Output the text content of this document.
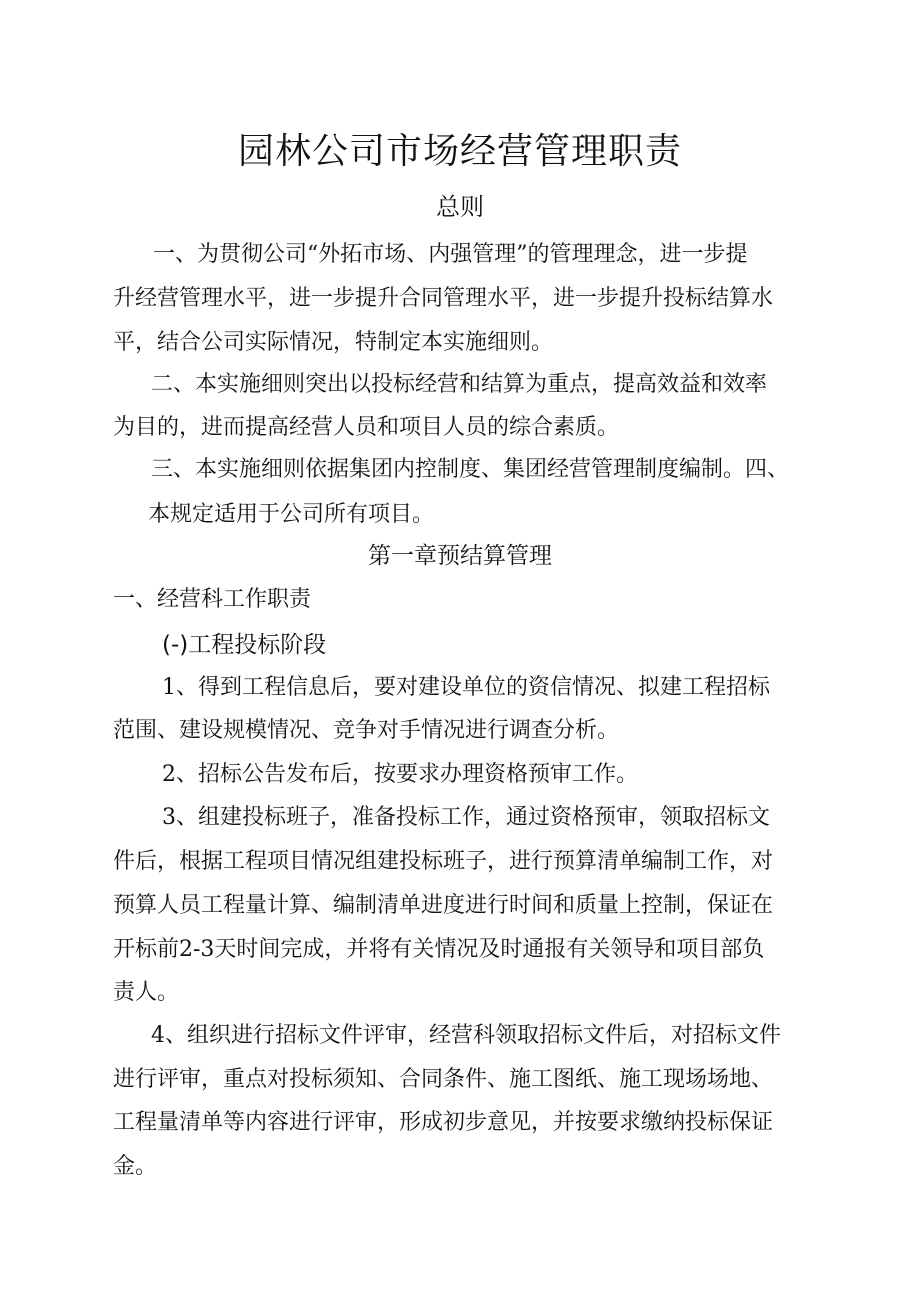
园林公司市场经营管理职责
总则
一、为贯彻公司“外拓市场、内强管理”的管理理念，进一步提
升经营管理水平，进一步提升合同管理水平，进一步提升投标结算水
平，结合公司实际情况，特制定本实施细则。
二、本实施细则突出以投标经营和结算为重点，提高效益和效率
为目的，进而提高经营人员和项目人员的综合素质。
三、本实施细则依据集团内控制度、集团经营管理制度编制。四、
本规定适用于公司所有项目。
第一章预结算管理
一、经营科工作职责
(-)工程投标阶段
1、得到工程信息后，要对建设单位的资信情况、拟建工程招标
范围、建设规模情况、竞争对手情况进行调查分析。
2、招标公告发布后，按要求办理资格预审工作。
3、组建投标班子，准备投标工作，通过资格预审，领取招标文
件后，根据工程项目情况组建投标班子，进行预算清单编制工作，对
预算人员工程量计算、编制清单进度进行时间和质量上控制，保证在
开标前2-3天时间完成，并将有关情况及时通报有关领导和项目部负
责人。
4、组织进行招标文件评审，经营科领取招标文件后，对招标文件
进行评审，重点对投标须知、合同条件、施工图纸、施工现场场地、
工程量清单等内容进行评审，形成初步意见，并按要求缴纳投标保证
金。
